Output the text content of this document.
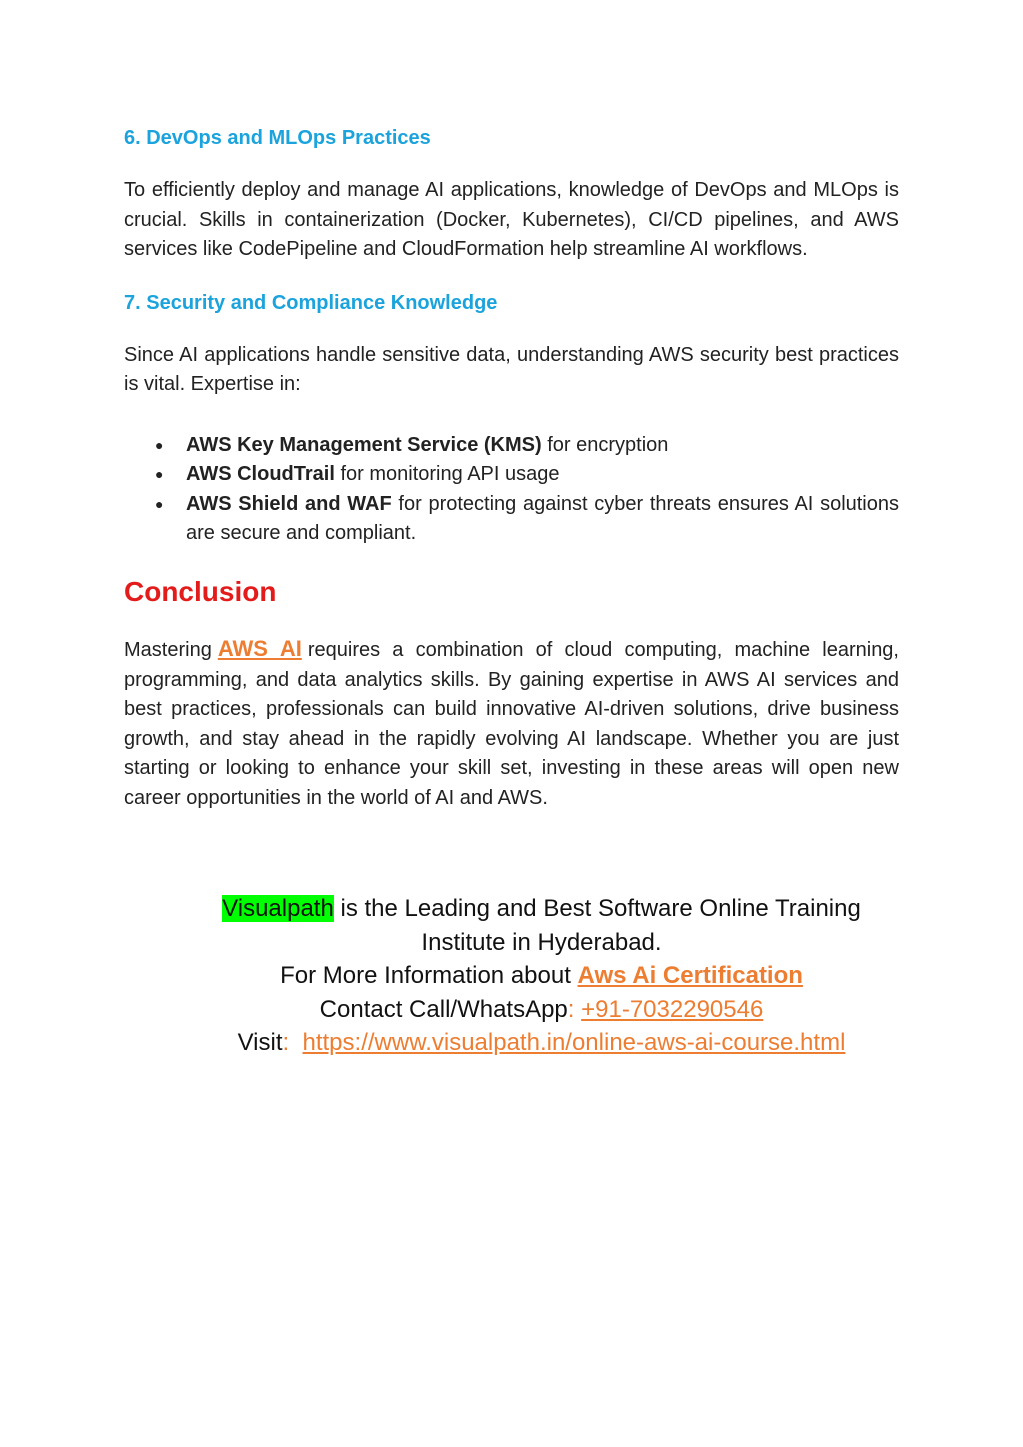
6. DevOps and MLOps Practices

To efficiently deploy and manage AI applications, knowledge of DevOps and MLOps is crucial. Skills in containerization (Docker, Kubernetes), CI/CD pipelines, and AWS services like CodePipeline and CloudFormation help streamline AI workflows.

7. Security and Compliance Knowledge

Since AI applications handle sensitive data, understanding AWS security best practices is vital. Expertise in:

● AWS Key Management Service (KMS) for encryption
● AWS CloudTrail for monitoring API usage
● AWS Shield and WAF for protecting against cyber threats ensures AI solutions are secure and compliant.
Conclusion

Mastering AWS AI requires a combination of cloud computing, machine learning, programming, and data analytics skills. By gaining expertise in AWS AI services and best practices, professionals can build innovative AI-driven solutions, drive business growth, and stay ahead in the rapidly evolving AI landscape. Whether you are just starting or looking to enhance your skill set, investing in these areas will open new career opportunities in the world of AI and AWS.

Visualpath is the Leading and Best Software Online Training
Institute in Hyderabad.
For More Information about Aws Ai Certification
Contact Call/WhatsApp: +91-7032290546
Visit: https://www.visualpath.in/online-aws-ai-course.html
